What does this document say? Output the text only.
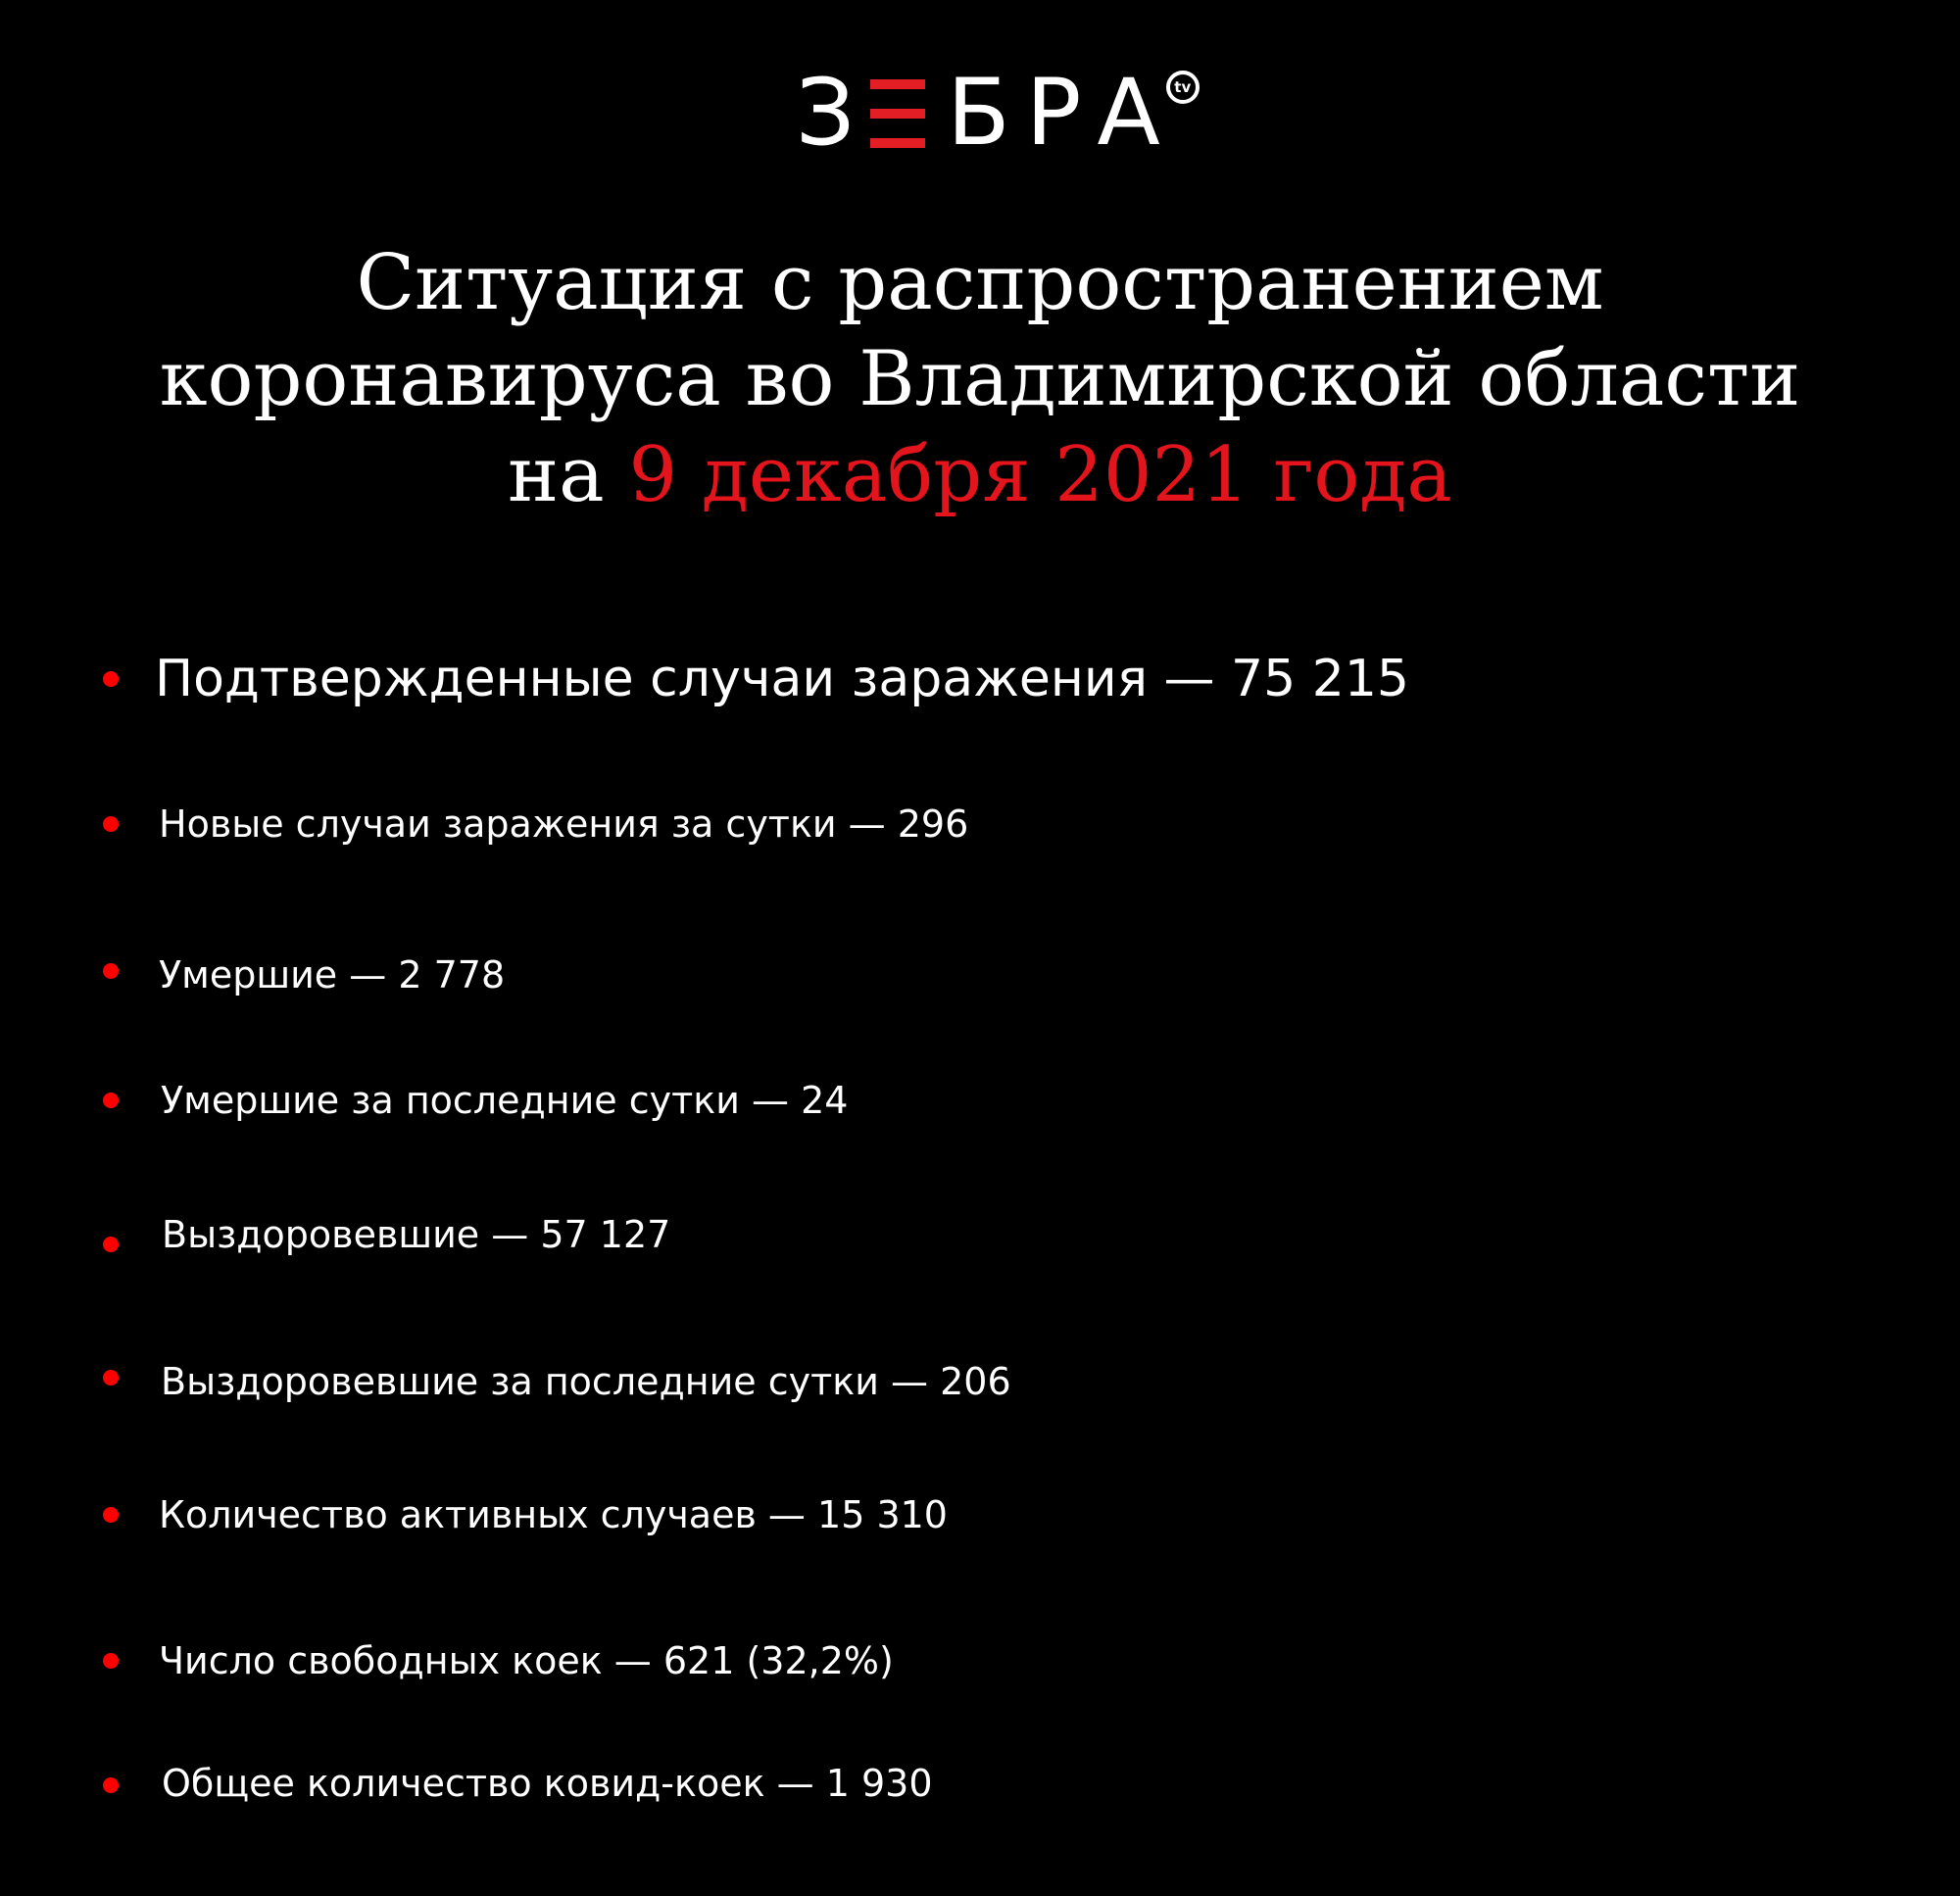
З Б Р А tv
Ситуация с распространением
коронавируса во Владимирской области
на 9 декабря 2021 года
Подтвержденные случаи заражения — 75 215
Новые случаи заражения за сутки — 296
Умершие — 2 778
Умершие за последние сутки — 24
Выздоровевшие — 57 127
Выздоровевшие за последние сутки — 206
Количество активных случаев — 15 310
Число свободных коек — 621 (32,2%)
Общее количество ковид-коек — 1 930
